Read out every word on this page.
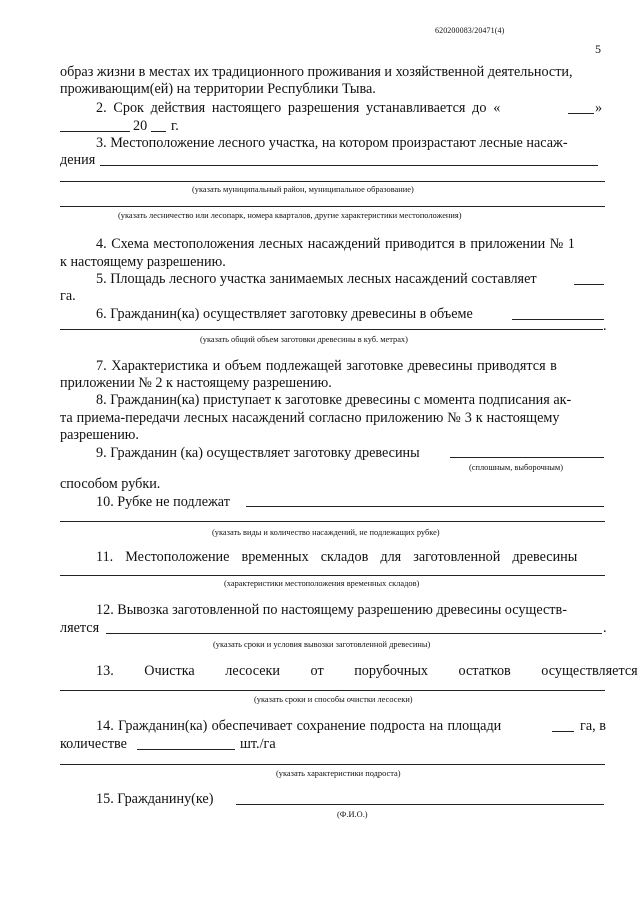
620200083/20471(4)
5
образ жизни в местах их традиционного проживания и хозяйственной деятельности,
проживающим(ей) на территории Республики Тыва.
2. Срок действия настоящего разрешения устанавливается до «	»
20 г.
3. Местоположение лесного участка, на котором произрастают лесные насаж-
дения
(указать муниципальный район, муниципальное образование)
(указать лесничество или лесопарк, номера кварталов, другие характеристики местоположения)
4. Схема местоположения лесных насаждений приводится в приложении № 1
к настоящему разрешению.
5. Площадь лесного участка занимаемых лесных насаждений составляет
га.
6. Гражданин(ка) осуществляет заготовку древесины в объеме
.
(указать общий объем заготовки древесины в куб. метрах)
7. Характеристика и объем подлежащей заготовке древесины приводятся в
приложении № 2 к настоящему разрешению.
8. Гражданин(ка) приступает к заготовке древесины с момента подписания ак-
та приема-передачи лесных насаждений согласно приложению № 3 к настоящему
разрешению.
9. Гражданин (ка) осуществляет заготовку древесины
(сплошным, выборочным)
способом рубки.
10. Рубке не подлежат
(указать виды и количество насаждений, не подлежащих рубке)
11. Местоположение временных складов для заготовленной древесины
(характеристики местоположения временных складов)
12. Вывозка заготовленной по настоящему разрешению древесины осуществ-
ляется	.
(указать сроки и условия вывозки заготовленной древесины)
13. Очистка лесосеки от порубочных остатков осуществляется
(указать сроки и способы очистки лесосеки)
14. Гражданин(ка) обеспечивает сохранение подроста на площади	га, в
количестве	шт./га
(указать характеристики подроста)
15. Гражданину(ке)
(Ф.И.О.)
